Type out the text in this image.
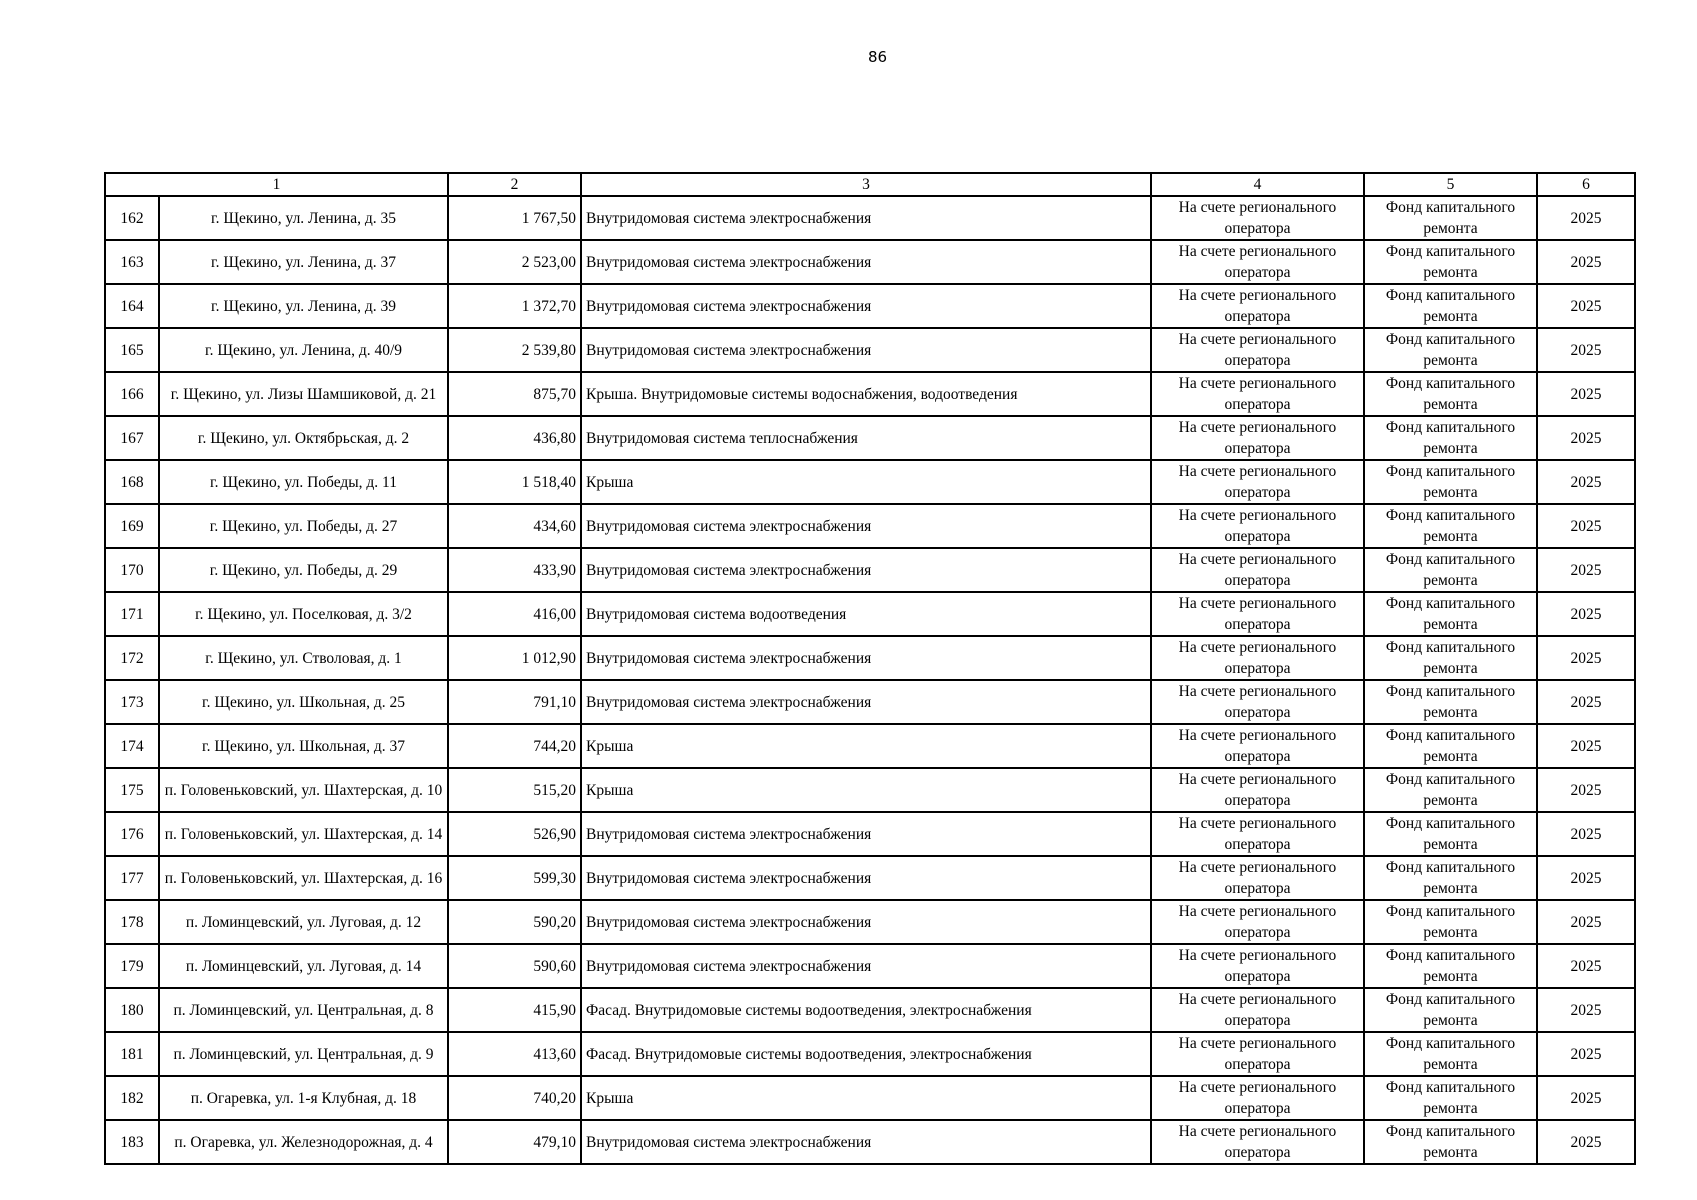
86
1		2	3	4	5	6
162	г. Щекино, ул. Ленина, д. 35	1 767,50	Внутридомовая система электроснабжения	На счете регионального оператора	Фонд капитального ремонта	2025
163	г. Щекино, ул. Ленина, д. 37	2 523,00	Внутридомовая система электроснабжения	На счете регионального оператора	Фонд капитального ремонта	2025
164	г. Щекино, ул. Ленина, д. 39	1 372,70	Внутридомовая система электроснабжения	На счете регионального оператора	Фонд капитального ремонта	2025
165	г. Щекино, ул. Ленина, д. 40/9	2 539,80	Внутридомовая система электроснабжения	На счете регионального оператора	Фонд капитального ремонта	2025
166	г. Щекино, ул. Лизы Шамшиковой, д. 21	875,70	Крыша. Внутридомовые системы водоснабжения, водоотведения	На счете регионального оператора	Фонд капитального ремонта	2025
167	г. Щекино, ул. Октябрьская, д. 2	436,80	Внутридомовая система теплоснабжения	На счете регионального оператора	Фонд капитального ремонта	2025
168	г. Щекино, ул. Победы, д. 11	1 518,40	Крыша	На счете регионального оператора	Фонд капитального ремонта	2025
169	г. Щекино, ул. Победы, д. 27	434,60	Внутридомовая система электроснабжения	На счете регионального оператора	Фонд капитального ремонта	2025
170	г. Щекино, ул. Победы, д. 29	433,90	Внутридомовая система электроснабжения	На счете регионального оператора	Фонд капитального ремонта	2025
171	г. Щекино, ул. Поселковая, д. 3/2	416,00	Внутридомовая система водоотведения	На счете регионального оператора	Фонд капитального ремонта	2025
172	г. Щекино, ул. Стволовая, д. 1	1 012,90	Внутридомовая система электроснабжения	На счете регионального оператора	Фонд капитального ремонта	2025
173	г. Щекино, ул. Школьная, д. 25	791,10	Внутридомовая система электроснабжения	На счете регионального оператора	Фонд капитального ремонта	2025
174	г. Щекино, ул. Школьная, д. 37	744,20	Крыша	На счете регионального оператора	Фонд капитального ремонта	2025
175	п. Головеньковский, ул. Шахтерская, д. 10	515,20	Крыша	На счете регионального оператора	Фонд капитального ремонта	2025
176	п. Головеньковский, ул. Шахтерская, д. 14	526,90	Внутридомовая система электроснабжения	На счете регионального оператора	Фонд капитального ремонта	2025
177	п. Головеньковский, ул. Шахтерская, д. 16	599,30	Внутридомовая система электроснабжения	На счете регионального оператора	Фонд капитального ремонта	2025
178	п. Ломинцевский, ул. Луговая, д. 12	590,20	Внутридомовая система электроснабжения	На счете регионального оператора	Фонд капитального ремонта	2025
179	п. Ломинцевский, ул. Луговая, д. 14	590,60	Внутридомовая система электроснабжения	На счете регионального оператора	Фонд капитального ремонта	2025
180	п. Ломинцевский, ул. Центральная, д. 8	415,90	Фасад. Внутридомовые системы водоотведения, электроснабжения	На счете регионального оператора	Фонд капитального ремонта	2025
181	п. Ломинцевский, ул. Центральная, д. 9	413,60	Фасад. Внутридомовые системы водоотведения, электроснабжения	На счете регионального оператора	Фонд капитального ремонта	2025
182	п. Огаревка, ул. 1-я Клубная, д. 18	740,20	Крыша	На счете регионального оператора	Фонд капитального ремонта	2025
183	п. Огаревка, ул. Железнодорожная, д. 4	479,10	Внутридомовая система электроснабжения	На счете регионального оператора	Фонд капитального ремонта	2025
